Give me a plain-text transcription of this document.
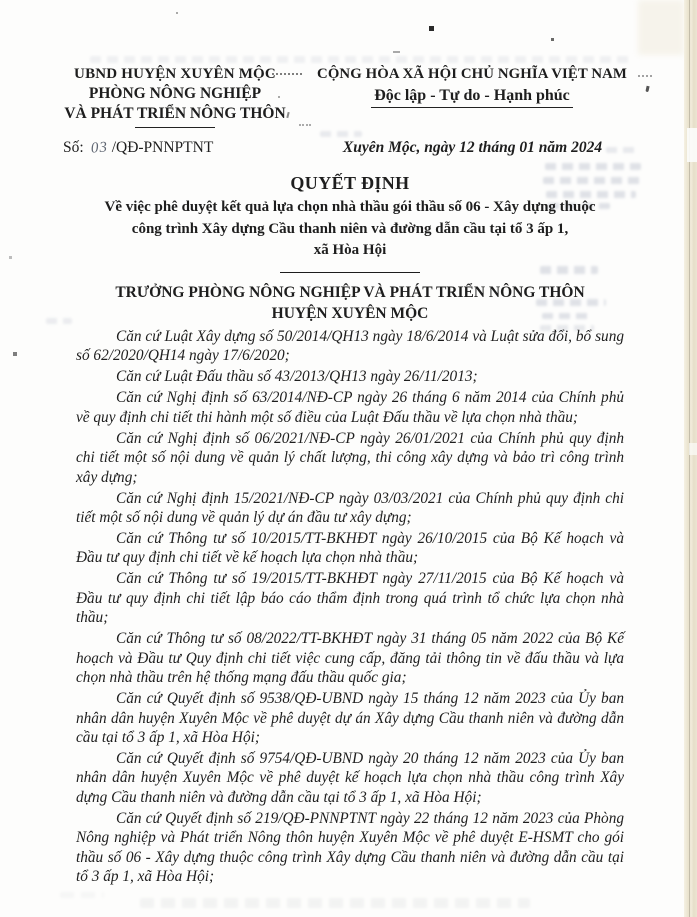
UBND HUYỆN XUYÊN MỘC
PHÒNG NÔNG NGHIỆP
VÀ PHÁT TRIỂN NÔNG THÔN
CỘNG HÒA XÃ HỘI CHỦ NGHĨA VIỆT NAM
Độc lập - Tự do - Hạnh phúc
Số: 03 /QĐ-PNNPTNT	Xuyên Mộc, ngày 12 tháng 01 năm 2024
QUYẾT ĐỊNH
Về việc phê duyệt kết quả lựa chọn nhà thầu gói thầu số 06 - Xây dựng thuộc
công trình Xây dựng Cầu thanh niên và đường dẫn cầu tại tổ 3 ấp 1,
xã Hòa Hội
TRƯỞNG PHÒNG NÔNG NGHIỆP VÀ PHÁT TRIỂN NÔNG THÔN
HUYỆN XUYÊN MỘC

Căn cứ Luật Xây dựng số 50/2014/QH13 ngày 18/6/2014 và Luật sửa đổi, bổ sung số 62/2020/QH14 ngày 17/6/2020;

Căn cứ Luật Đấu thầu số 43/2013/QH13 ngày 26/11/2013;

Căn cứ Nghị định số 63/2014/NĐ-CP ngày 26 tháng 6 năm 2014 của Chính phủ về quy định chi tiết thi hành một số điều của Luật Đấu thầu về lựa chọn nhà thầu;

Căn cứ Nghị định số 06/2021/NĐ-CP ngày 26/01/2021 của Chính phủ quy định chi tiết một số nội dung về quản lý chất lượng, thi công xây dựng và bảo trì công trình xây dựng;

Căn cứ Nghị định 15/2021/NĐ-CP ngày 03/03/2021 của Chính phủ quy định chi tiết một số nội dung về quản lý dự án đầu tư xây dựng;

Căn cứ Thông tư số 10/2015/TT-BKHĐT ngày 26/10/2015 của Bộ Kế hoạch và Đầu tư quy định chi tiết về kế hoạch lựa chọn nhà thầu;

Căn cứ Thông tư số 19/2015/TT-BKHĐT ngày 27/11/2015 của Bộ Kế hoạch và Đầu tư quy định chi tiết lập báo cáo thẩm định trong quá trình tổ chức lựa chọn nhà thầu;

Căn cứ Thông tư số 08/2022/TT-BKHĐT ngày 31 tháng 05 năm 2022 của Bộ Kế hoạch và Đầu tư Quy định chi tiết việc cung cấp, đăng tải thông tin về đấu thầu và lựa chọn nhà thầu trên hệ thống mạng đấu thầu quốc gia;

Căn cứ Quyết định số 9538/QĐ-UBND ngày 15 tháng 12 năm 2023 của Ủy ban nhân dân huyện Xuyên Mộc về phê duyệt dự án Xây dựng Cầu thanh niên và đường dẫn cầu tại tổ 3 ấp 1, xã Hòa Hội;

Căn cứ Quyết định số 9754/QĐ-UBND ngày 20 tháng 12 năm 2023 của Ủy ban nhân dân huyện Xuyên Mộc về phê duyệt kế hoạch lựa chọn nhà thầu công trình Xây dựng Cầu thanh niên và đường dẫn cầu tại tổ 3 ấp 1, xã Hòa Hội;

Căn cứ Quyết định số 219/QĐ-PNNPTNT ngày 22 tháng 12 năm 2023 của Phòng Nông nghiệp và Phát triển Nông thôn huyện Xuyên Mộc về phê duyệt E-HSMT cho gói thầu số 06 - Xây dựng thuộc công trình Xây dựng Cầu thanh niên và đường dẫn cầu tại tổ 3 ấp 1, xã Hòa Hội;
